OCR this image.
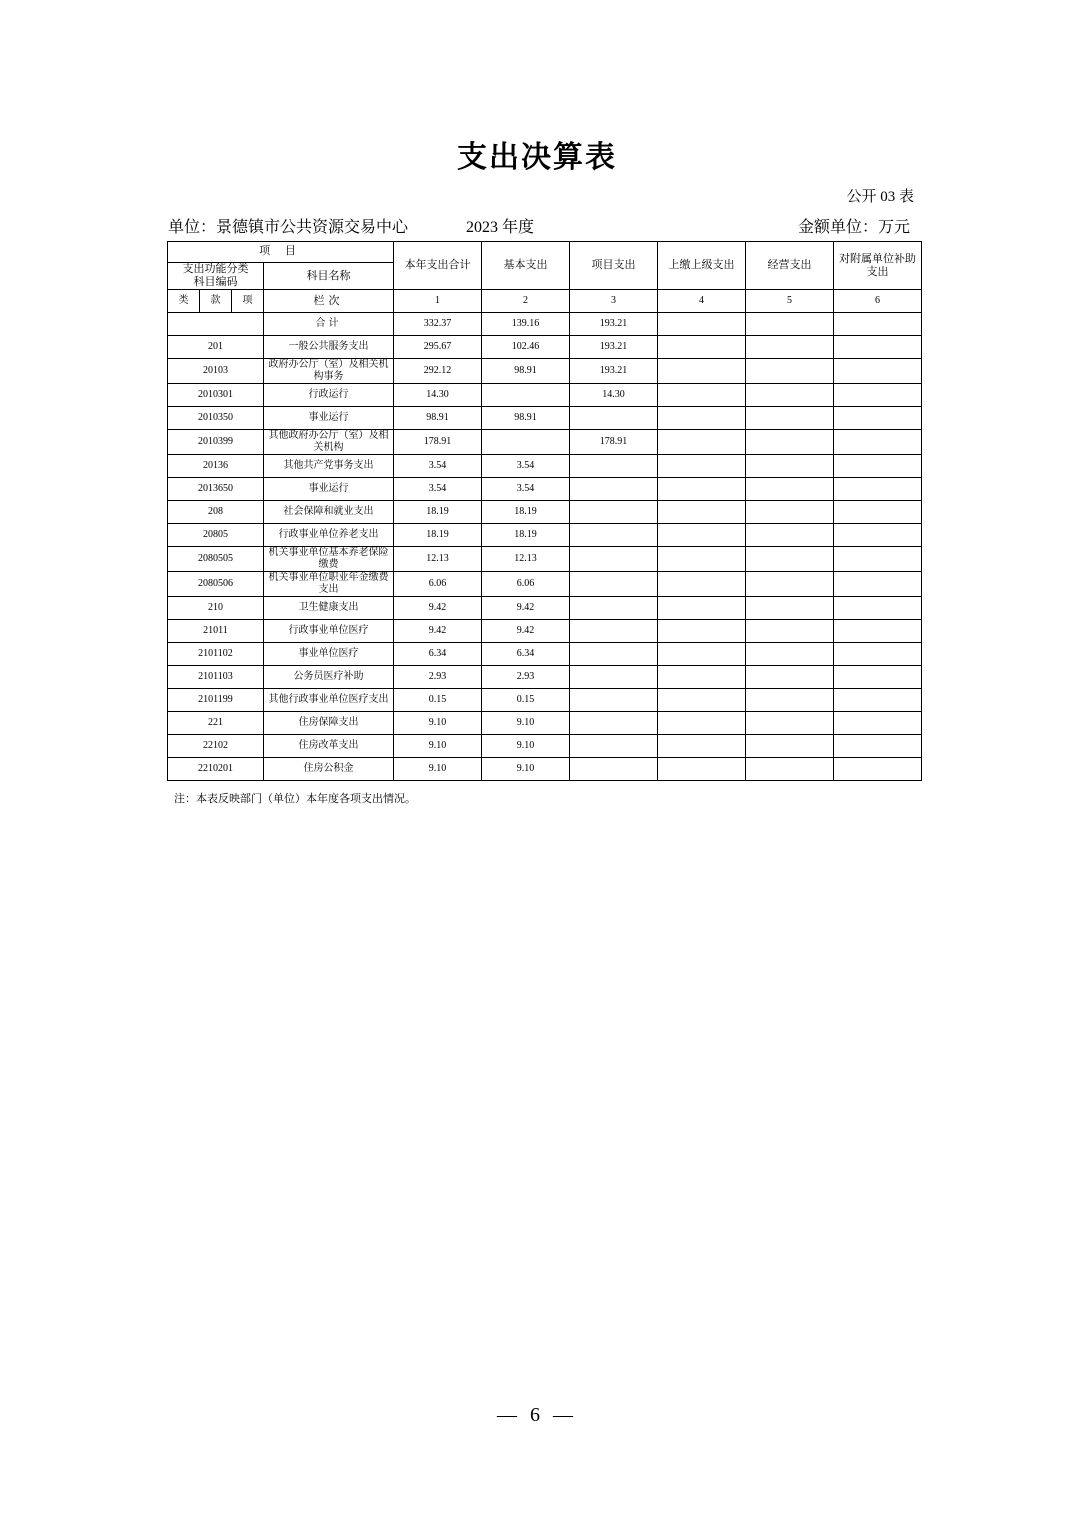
支出决算表
公开 03 表
单位：景德镇市公共资源交易中心	2023 年度	金额单位：万元
项 目				本年支出合计	基本支出	项目支出	上缴上级支出	经营支出	对附属单位补助支出

支出功能分类
科目编码			科目名称						
类	款	项	栏次	1	2	3	4	5	6
			合计	332.37	139.16	193.21			
201			一般公共服务支出	295.67	102.46	193.21			
20103			政府办公厅（室）及相关机构事务	292.12	98.91	193.21			
2010301			行政运行	14.30		14.30			
2010350			事业运行	98.91	98.91				
2010399			其他政府办公厅（室）及相关机构	178.91		178.91			
20136			其他共产党事务支出	3.54	3.54				
2013650			事业运行	3.54	3.54				
208			社会保障和就业支出	18.19	18.19				
20805			行政事业单位养老支出	18.19	18.19				
2080505			机关事业单位基本养老保险缴费	12.13	12.13				
2080506			机关事业单位职业年金缴费支出	6.06	6.06				
210			卫生健康支出	9.42	9.42				
21011			行政事业单位医疗	9.42	9.42				
2101102			事业单位医疗	6.34	6.34				
2101103			公务员医疗补助	2.93	2.93				
2101199			其他行政事业单位医疗支出	0.15	0.15				
221			住房保障支出	9.10	9.10				
22102			住房改革支出	9.10	9.10				
2210201			住房公积金	9.10	9.10				
注：本表反映部门（单位）本年度各项支出情况。
— 6 —
